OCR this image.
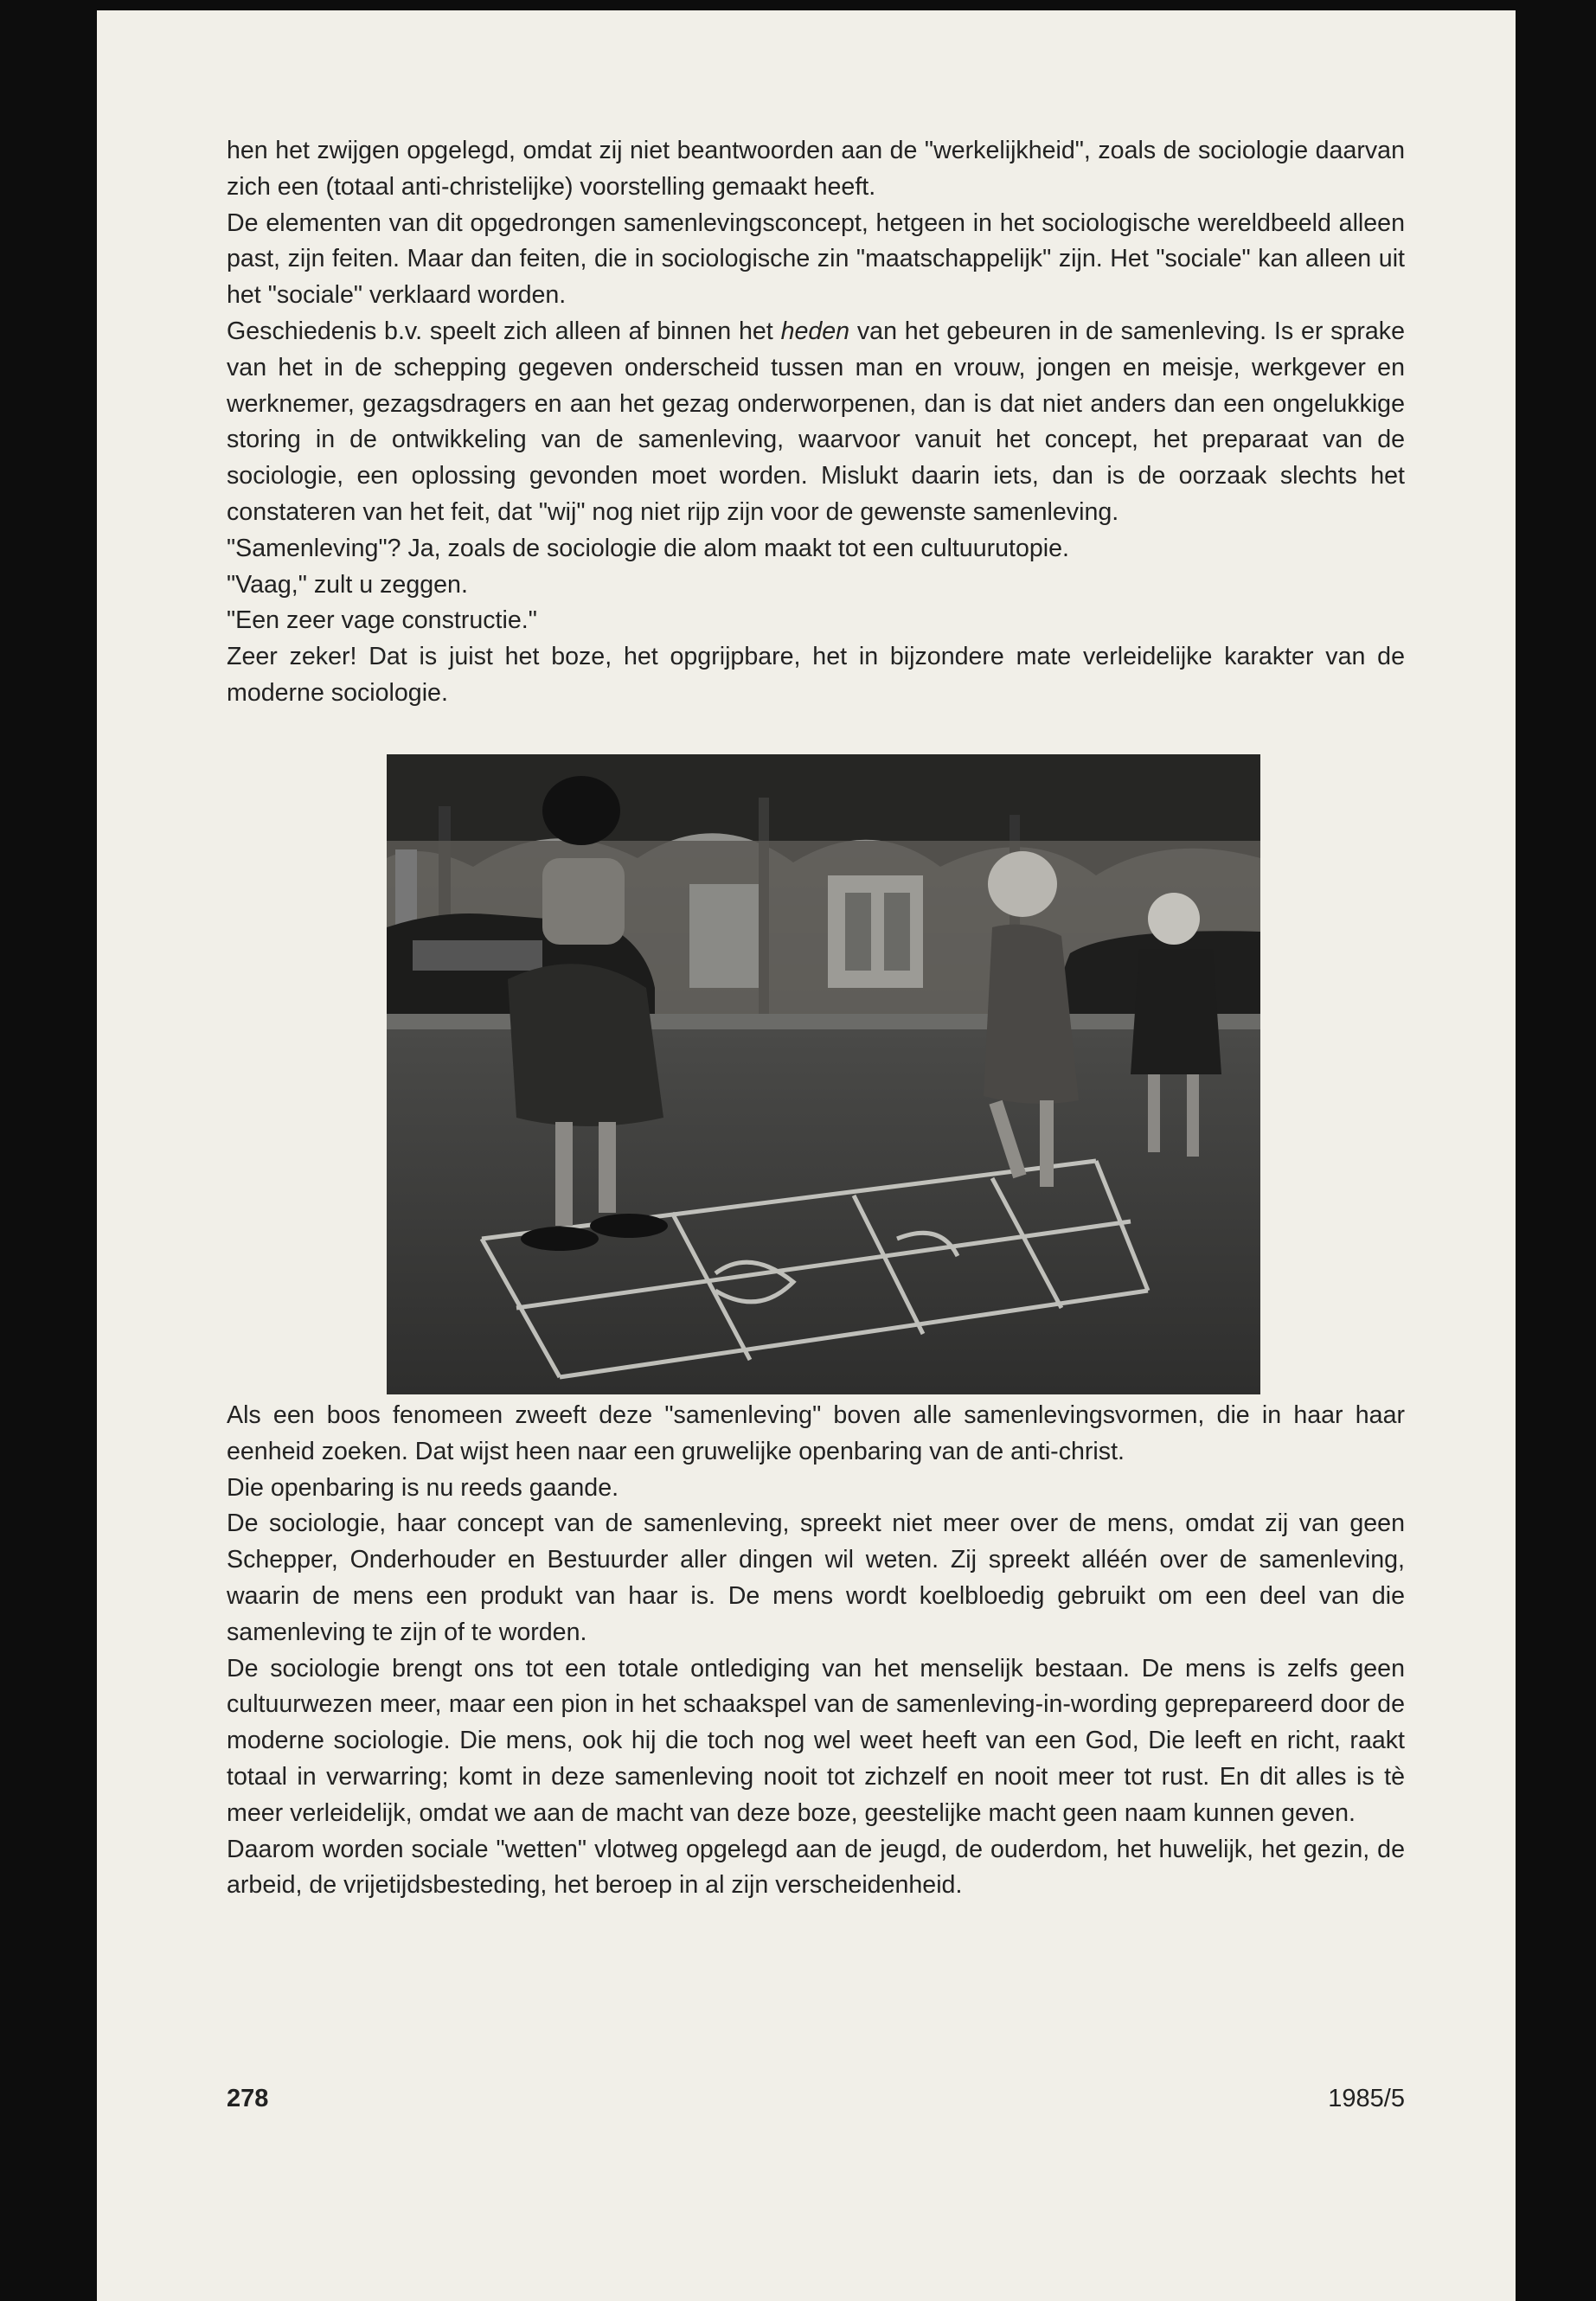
hen het zwijgen opgelegd, omdat zij niet beantwoorden aan de "werkelijkheid", zoals de sociologie daarvan zich een (totaal anti-christelijke) voorstelling gemaakt heeft.

De elementen van dit opgedrongen samenlevingsconcept, hetgeen in het sociologische wereldbeeld alleen past, zijn feiten. Maar dan feiten, die in sociologische zin "maatschappelijk" zijn. Het "sociale" kan alleen uit het "sociale" verklaard worden.

Geschiedenis b.v. speelt zich alleen af binnen het heden van het gebeuren in de samenleving. Is er sprake van het in de schepping gegeven onderscheid tussen man en vrouw, jongen en meisje, werkgever en werknemer, gezagsdragers en aan het gezag onderworpenen, dan is dat niet anders dan een ongelukkige storing in de ontwikkeling van de samenleving, waarvoor vanuit het concept, het preparaat van de sociologie, een oplossing gevonden moet worden. Mislukt daarin iets, dan is de oorzaak slechts het constateren van het feit, dat "wij" nog niet rijp zijn voor de gewenste samenleving.

"Samenleving"? Ja, zoals de sociologie die alom maakt tot een cultuurutopie.

"Vaag," zult u zeggen.

"Een zeer vage constructie."

Zeer zeker! Dat is juist het boze, het opgrijpbare, het in bijzondere mate verleidelijke karakter van de moderne sociologie.

Als een boos fenomeen zweeft deze "samenleving" boven alle samenlevingsvormen, die in haar haar eenheid zoeken. Dat wijst heen naar een gruwelijke openbaring van de anti-christ.

Die openbaring is nu reeds gaande.

De sociologie, haar concept van de samenleving, spreekt niet meer over de mens, omdat zij van geen Schepper, Onderhouder en Bestuurder aller dingen wil weten. Zij spreekt alléén over de samenleving, waarin de mens een produkt van haar is. De mens wordt koelbloedig gebruikt om een deel van die samenleving te zijn of te worden.

De sociologie brengt ons tot een totale ontlediging van het menselijk bestaan. De mens is zelfs geen cultuurwezen meer, maar een pion in het schaakspel van de samenleving-in-wording geprepareerd door de moderne sociologie. Die mens, ook hij die toch nog wel weet heeft van een God, Die leeft en richt, raakt totaal in verwarring; komt in deze samenleving nooit tot zichzelf en nooit meer tot rust. En dit alles is tè meer verleidelijk, omdat we aan de macht van deze boze, geestelijke macht geen naam kunnen geven.

Daarom worden sociale "wetten" vlotweg opgelegd aan de jeugd, de ouderdom, het huwelijk, het gezin, de arbeid, de vrijetijdsbesteding, het beroep in al zijn verscheidenheid.

278	1985/5
